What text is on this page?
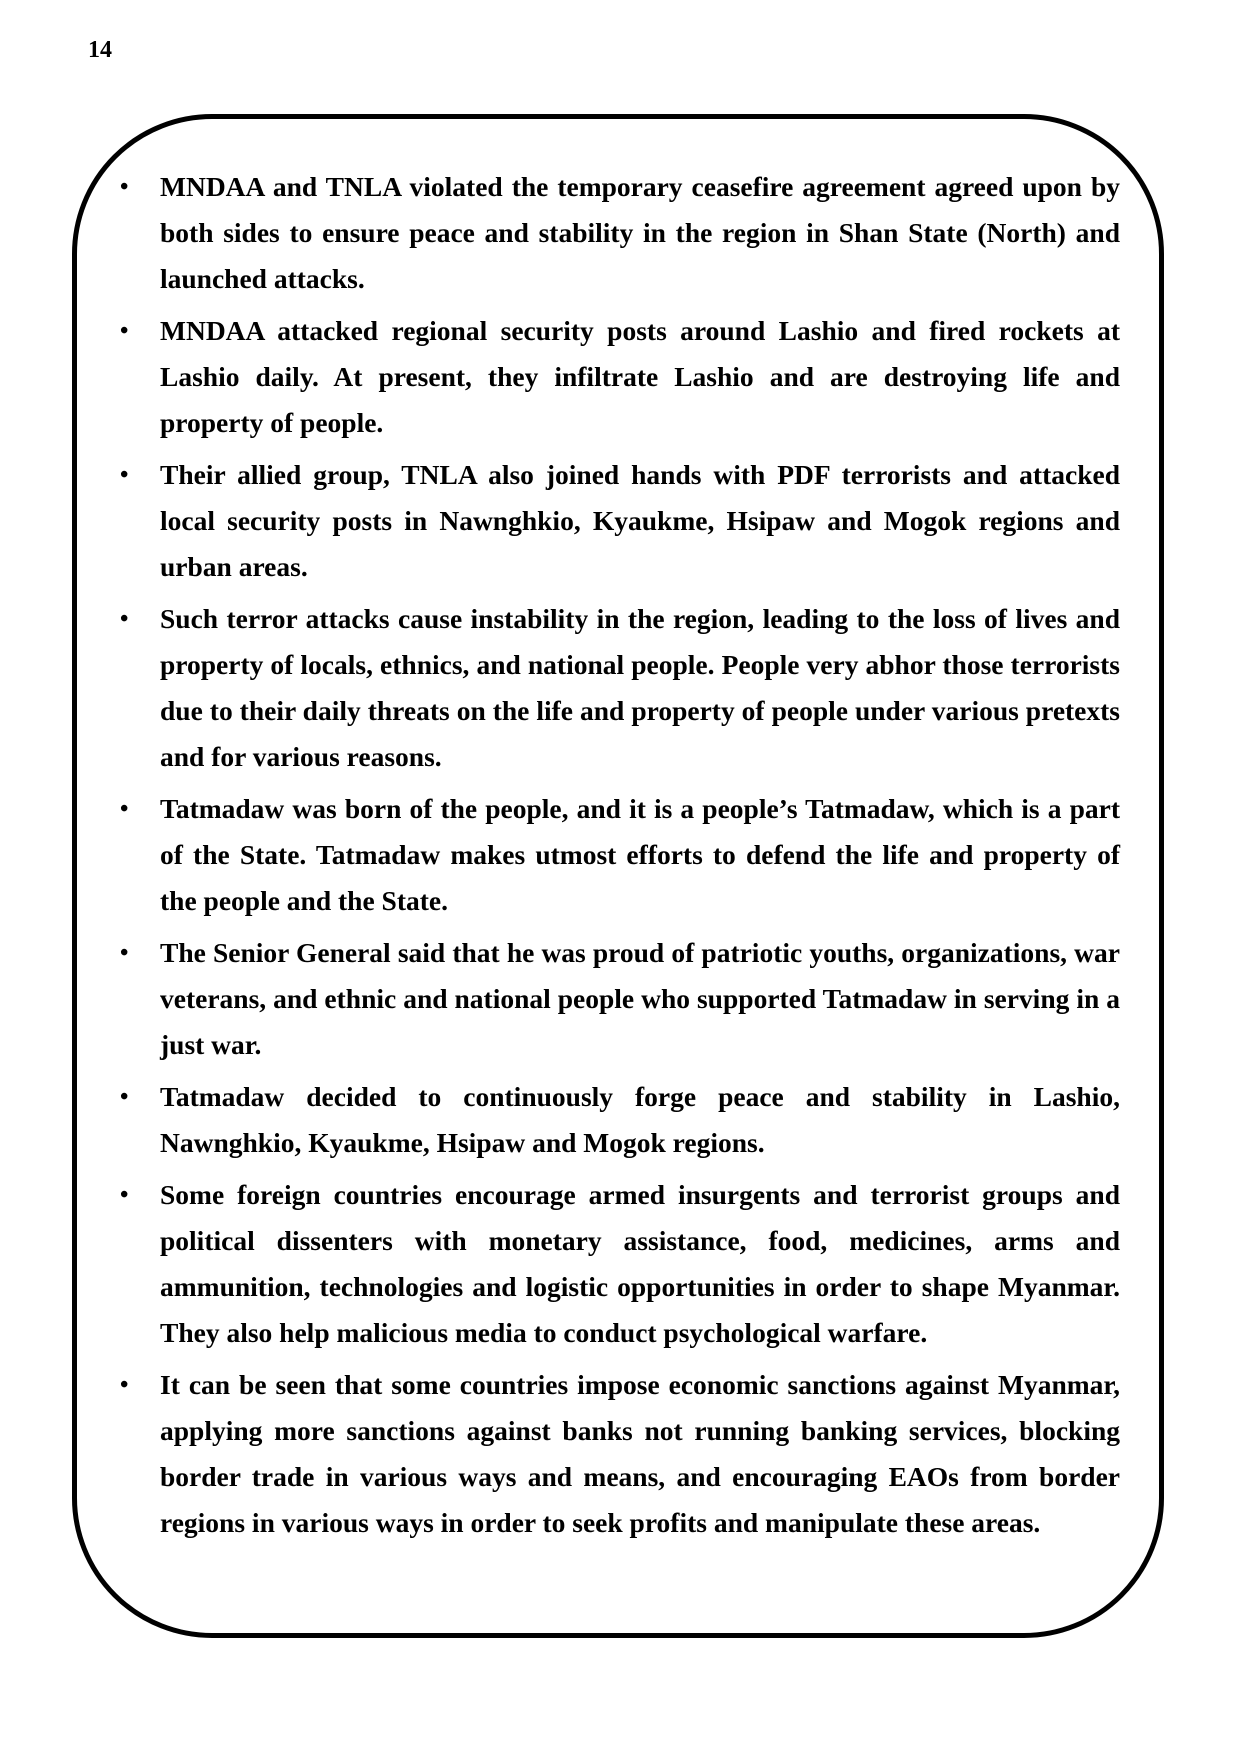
14
•	MNDAA and TNLA violated the temporary ceasefire agreement agreed upon by both sides to ensure peace and stability in the region in Shan State (North) and launched attacks.
•	MNDAA attacked regional security posts around Lashio and fired rockets at Lashio daily. At present, they infiltrate Lashio and are destroying life and property of people.
•	Their allied group, TNLA also joined hands with PDF terrorists and attacked local security posts in Nawnghkio, Kyaukme, Hsipaw and Mogok regions and urban areas.
•	Such terror attacks cause instability in the region, leading to the loss of lives and property of locals, ethnics, and national people. People very abhor those terrorists due to their daily threats on the life and property of people under various pretexts and for various reasons.
•	Tatmadaw was born of the people, and it is a people’s Tatmadaw, which is a part of the State. Tatmadaw makes utmost efforts to defend the life and property of the people and the State.
•	The Senior General said that he was proud of patriotic youths, organizations, war veterans, and ethnic and national people who supported Tatmadaw in serving in a just war.
•	Tatmadaw decided to continuously forge peace and stability in Lashio, Nawnghkio, Kyaukme, Hsipaw and Mogok regions.
•	Some foreign countries encourage armed insurgents and terrorist groups and political dissenters with monetary assistance, food, medicines, arms and ammunition, technologies and logistic opportunities in order to shape Myanmar. They also help malicious media to conduct psychological warfare.
•	It can be seen that some countries impose economic sanctions against Myanmar, applying more sanctions against banks not running banking services, blocking border trade in various ways and means, and encouraging EAOs from border regions in various ways in order to seek profits and manipulate these areas.
